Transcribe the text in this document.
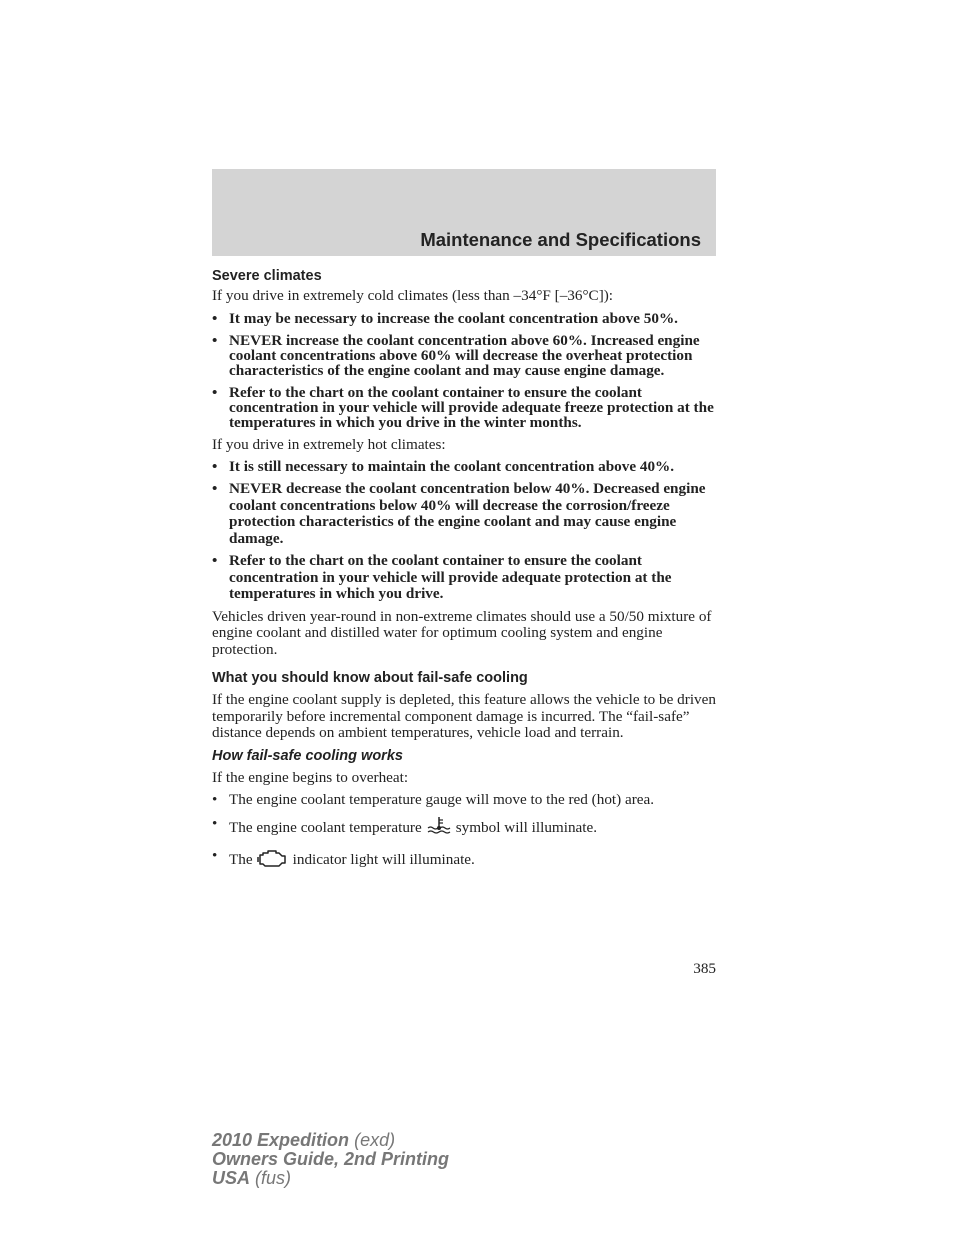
Maintenance and Specifications
Severe climates

If you drive in extremely cold climates (less than –34°F [–36°C]):

• It may be necessary to increase the coolant concentration above 50%.
• NEVER increase the coolant concentration above 60%. Increased engine coolant concentrations above 60% will decrease the overheat protection characteristics of the engine coolant and may cause engine damage.
• Refer to the chart on the coolant container to ensure the coolant concentration in your vehicle will provide adequate freeze protection at the temperatures in which you drive in the winter months.

If you drive in extremely hot climates:

• It is still necessary to maintain the coolant concentration above 40%.
• NEVER decrease the coolant concentration below 40%. Decreased engine coolant concentrations below 40% will decrease the corrosion/freeze protection characteristics of the engine coolant and may cause engine damage.
• Refer to the chart on the coolant container to ensure the coolant concentration in your vehicle will provide adequate protection at the temperatures in which you drive.

Vehicles driven year-round in non-extreme climates should use a 50/50 mixture of engine coolant and distilled water for optimum cooling system and engine protection.

What you should know about fail-safe cooling

If the engine coolant supply is depleted, this feature allows the vehicle to be driven temporarily before incremental component damage is incurred. The “fail-safe” distance depends on ambient temperatures, vehicle load and terrain.

How fail-safe cooling works

If the engine begins to overheat:

• The engine coolant temperature gauge will move to the red (hot) area.
• The engine coolant temperature symbol will illuminate.
• The	indicator light will illuminate.
385
2010 Expedition (exd)
Owners Guide, 2nd Printing
USA (fus)
